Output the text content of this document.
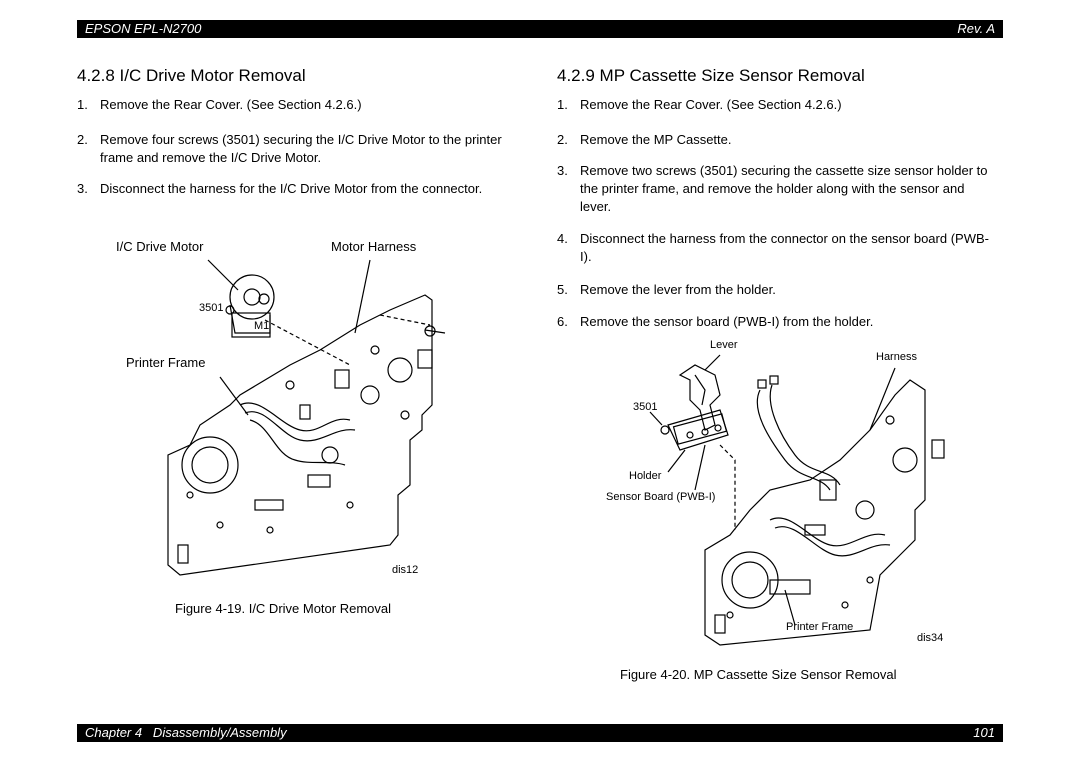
EPSON EPL-N2700	Rev. A
4.2.8 I/C Drive Motor Removal
1. Remove the Rear Cover. (See Section 4.2.6.)
2. Remove four screws (3501) securing the I/C Drive Motor to the printer frame and remove the I/C Drive Motor.
3. Disconnect the harness for the I/C Drive Motor from the connector.
I/C Drive Motor	Motor Harness
3501
M1
Printer Frame
dis12
Figure 4-19. I/C Drive Motor Removal
4.2.9 MP Cassette Size Sensor Removal
1. Remove the Rear Cover. (See Section 4.2.6.)
2. Remove the MP Cassette.
3. Remove two screws (3501) securing the cassette size sensor holder to the printer frame, and remove the holder along with the sensor and lever.
4. Disconnect the harness from the connector on the sensor board (PWB-I).
5. Remove the lever from the holder.
6. Remove the sensor board (PWB-I) from the holder.
Lever
Harness
3501
Holder
Sensor Board (PWB-I)
Printer Frame
dis34
Figure 4-20. MP Cassette Size Sensor Removal
Chapter 4   Disassembly/Assembly	101
